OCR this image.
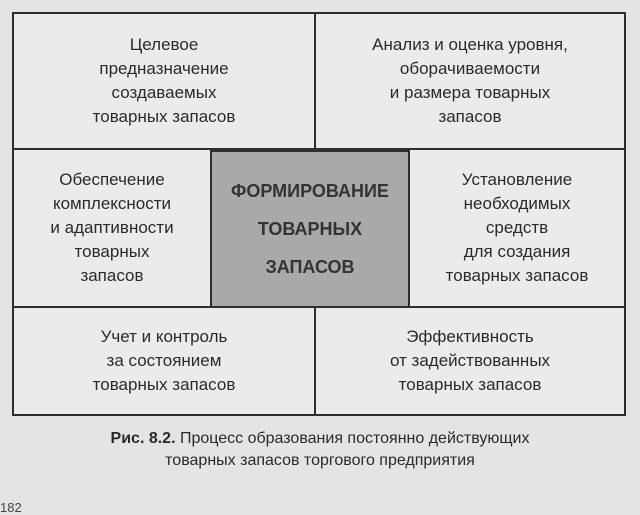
Целевое
предназначение
создаваемых
товарных запасов
Анализ и оценка уровня,
оборачиваемости
и размера товарных
запасов
Обеспечение
комплексности
и адаптивности
товарных
запасов
Установление
необходимых
средств
для создания
товарных запасов
Учет и контроль
за состоянием
товарных запасов
Эффективность
от задействованных
товарных запасов
ФОРМИРОВАНИЕ
ТОВАРНЫХ
ЗАПАСОВ
Рис. 8.2. Процесс образования постоянно действующих
товарных запасов торгового предприятия
182
